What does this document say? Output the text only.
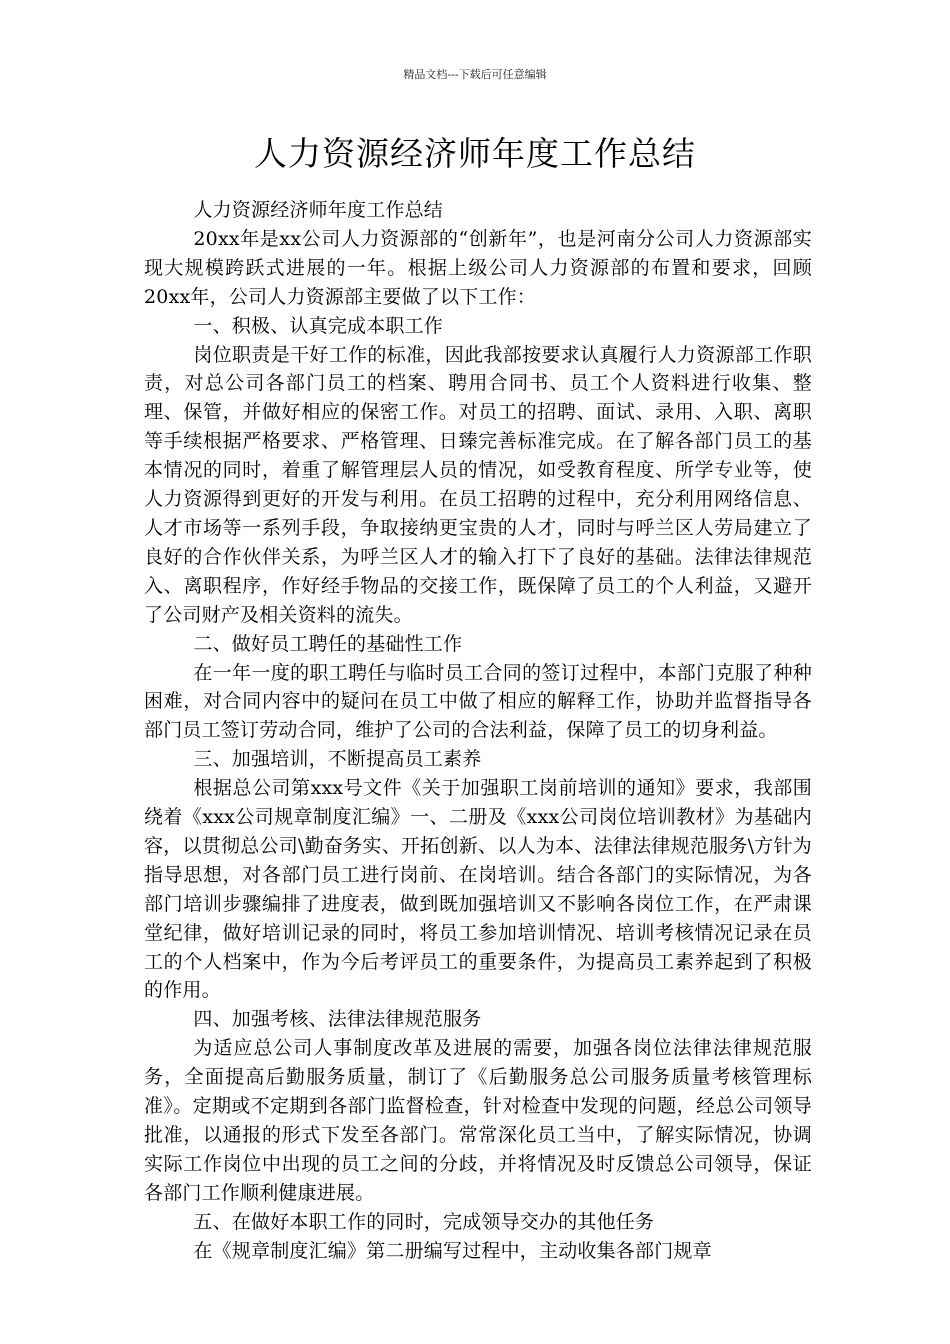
精品文档---下载后可任意编辑
人力资源经济师年度工作总结

人力资源经济师年度工作总结

20xx年是xx公司人力资源部的“创新年”，也是河南分公司人力资源部实现大规模跨跃式进展的一年。根据上级公司人力资源部的布置和要求，回顾20xx年，公司人力资源部主要做了以下工作：

一、积极、认真完成本职工作

岗位职责是干好工作的标准，因此我部按要求认真履行人力资源部工作职责，对总公司各部门员工的档案、聘用合同书、员工个人资料进行收集、整理、保管，并做好相应的保密工作。对员工的招聘、面试、录用、入职、离职等手续根据严格要求、严格管理、日臻完善标准完成。在了解各部门员工的基本情况的同时，着重了解管理层人员的情况，如受教育程度、所学专业等，使人力资源得到更好的开发与利用。在员工招聘的过程中，充分利用网络信息、人才市场等一系列手段，争取接纳更宝贵的人才，同时与呼兰区人劳局建立了良好的合作伙伴关系，为呼兰区人才的输入打下了良好的基础。法律法律规范入、离职程序，作好经手物品的交接工作，既保障了员工的个人利益，又避开了公司财产及相关资料的流失。

二、做好员工聘任的基础性工作

在一年一度的职工聘任与临时员工合同的签订过程中，本部门克服了种种困难，对合同内容中的疑问在员工中做了相应的解释工作，协助并监督指导各部门员工签订劳动合同，维护了公司的合法利益，保障了员工的切身利益。

三、加强培训，不断提高员工素养

根据总公司第xxx号文件《关于加强职工岗前培训的通知》要求，我部围绕着《xxx公司规章制度汇编》一、二册及《xxx公司岗位培训教材》为基础内容，以贯彻总公司\勤奋务实、开拓创新、以人为本、法律法律规范服务\方针为指导思想，对各部门员工进行岗前、在岗培训。结合各部门的实际情况，为各部门培训步骤编排了进度表，做到既加强培训又不影响各岗位工作，在严肃课堂纪律，做好培训记录的同时，将员工参加培训情况、培训考核情况记录在员工的个人档案中，作为今后考评员工的重要条件，为提高员工素养起到了积极的作用。

四、加强考核、法律法律规范服务

为适应总公司人事制度改革及进展的需要，加强各岗位法律法律规范服务，全面提高后勤服务质量，制订了《后勤服务总公司服务质量考核管理标准》。定期或不定期到各部门监督检查，针对检查中发现的问题，经总公司领导批准，以通报的形式下发至各部门。常常深化员工当中，了解实际情况，协调实际工作岗位中出现的员工之间的分歧，并将情况及时反馈总公司领导，保证各部门工作顺利健康进展。

五、在做好本职工作的同时，完成领导交办的其他任务

在《规章制度汇编》第二册编写过程中，主动收集各部门规章
